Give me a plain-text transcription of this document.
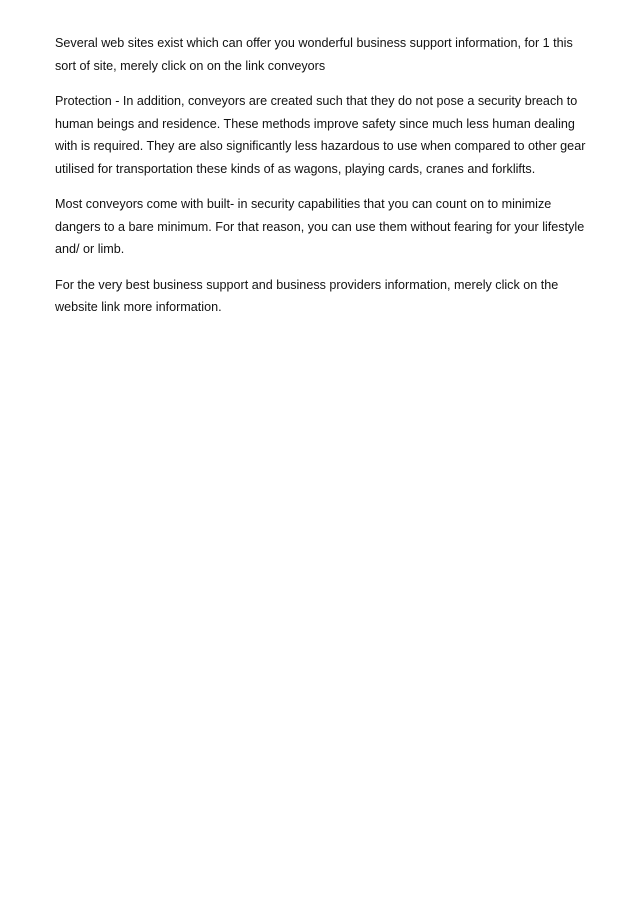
Several web sites exist which can offer you wonderful business support information, for 1 this sort of site, merely click on on the link conveyors

Protection - In addition, conveyors are created such that they do not pose a security breach to human beings and residence. These methods improve safety since much less human dealing with is required. They are also significantly less hazardous to use when compared to other gear utilised for transportation these kinds of as wagons, playing cards, cranes and forklifts.

Most conveyors come with built- in security capabilities that you can count on to minimize dangers to a bare minimum. For that reason, you can use them without fearing for your lifestyle and/ or limb.

For the very best business support and business providers information, merely click on the website link more information.
